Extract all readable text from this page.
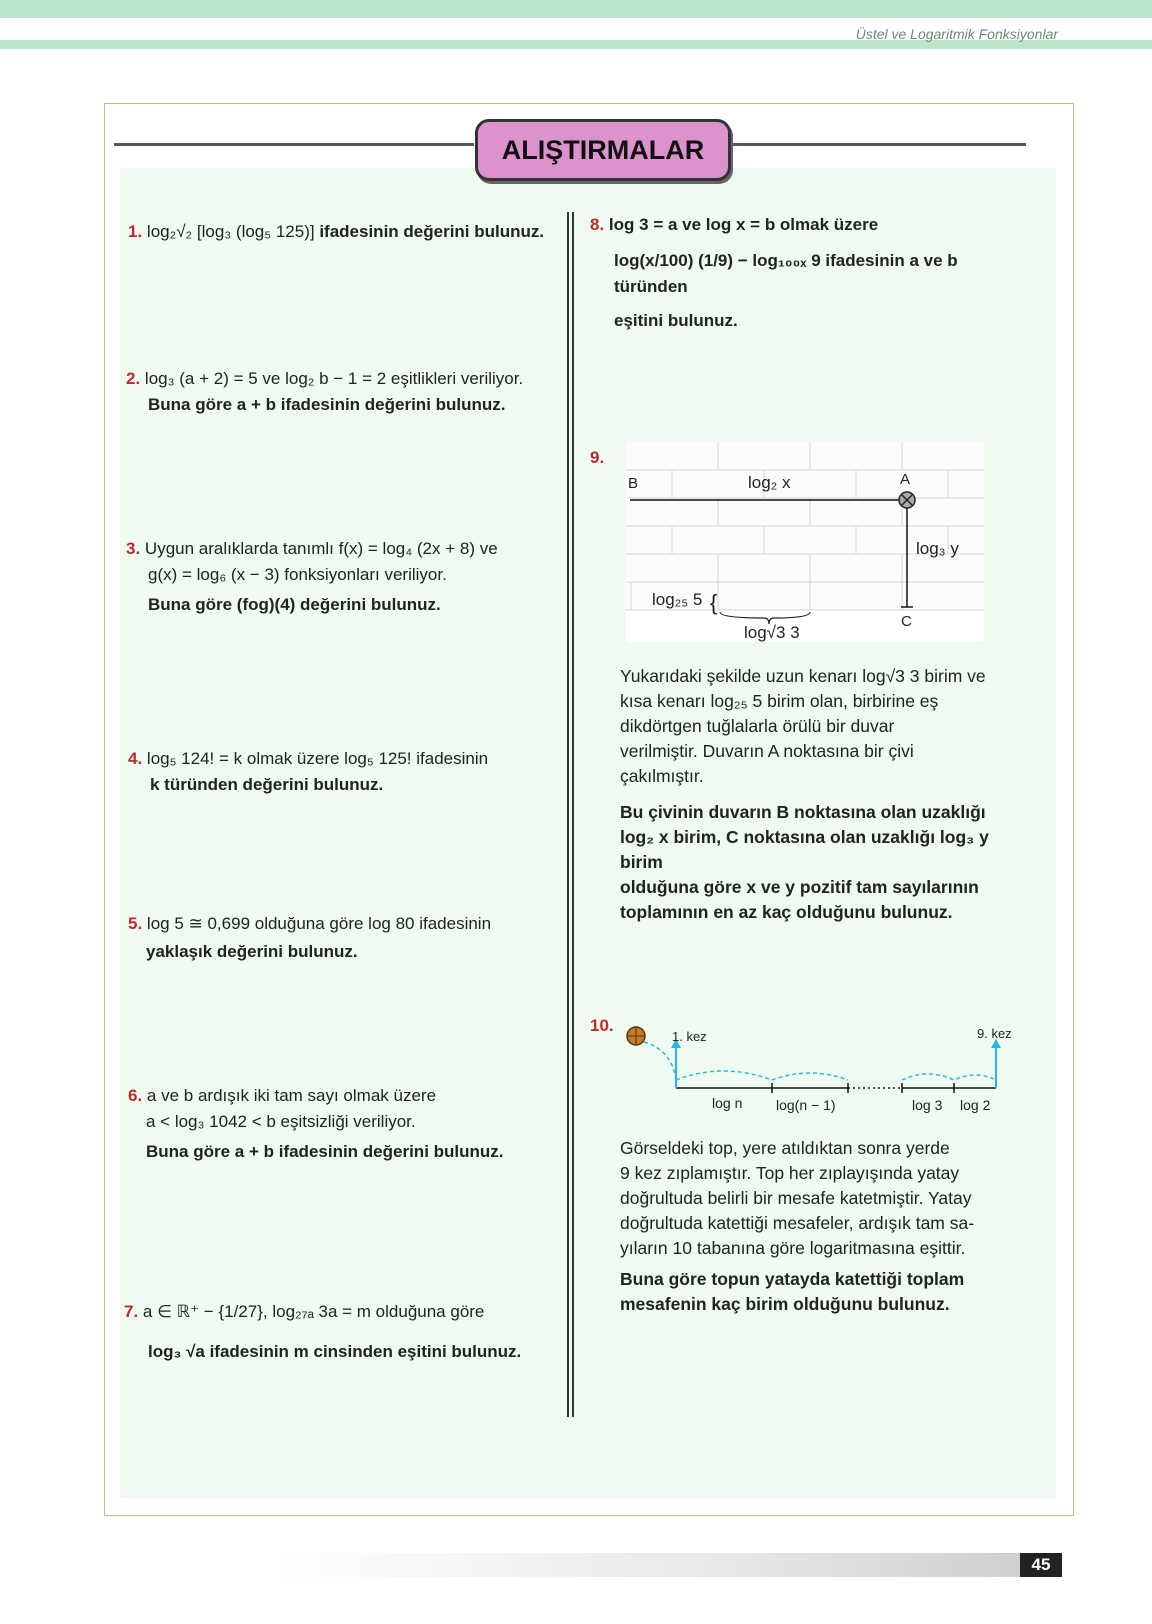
Üstel ve Logaritmik Fonksiyonlar
ALIŞTIRMALAR
1. log₂√₂ [log₃ (log₅ 125)] ifadesinin değerini bulunuz.
2. log₃ (a + 2) = 5 ve log₂ b − 1 = 2 eşitlikleri veriliyor.
Buna göre a + b ifadesinin değerini bulunuz.
3. Uygun aralıklarda tanımlı f(x) = log₄ (2x + 8) ve
g(x) = log₆ (x − 3) fonksiyonları veriliyor.
Buna göre (fog)(4) değerini bulunuz.
4. log₅ 124! = k olmak üzere log₅ 125! ifadesinin
k türünden değerini bulunuz.
5. log 5 ≅ 0,699 olduğuna göre log 80 ifadesinin
yaklaşık değerini bulunuz.
6. a ve b ardışık iki tam sayı olmak üzere
a < log₃ 1042 < b eşitsizliği veriliyor.
Buna göre a + b ifadesinin değerini bulunuz.
7. a ∈ ℝ⁺ − {1/27}, log₂₇ₐ 3a = m olduğuna göre
log₃ √a ifadesinin m cinsinden eşitini bulunuz.
8. log 3 = a ve log x = b olmak üzere
log(x/100) (1/9) − log₁₀₀ₓ 9 ifadesinin a ve b türünden
eşitini bulunuz.
9.
B	A
C
log₂ x
log₃ y
log₂₅ 5 {
log√3 3
Yukarıdaki şekilde uzun kenarı log√3 3 birim ve
kısa kenarı log₂₅ 5 birim olan, birbirine eş
dikdörtgen tuğlalarla örülü bir duvar
verilmiştir. Duvarın A noktasına bir çivi
çakılmıştır.
Bu çivinin duvarın B noktasına olan uzaklığı
log₂ x birim, C noktasına olan uzaklığı log₃ y birim
olduğuna göre x ve y pozitif tam sayılarının
toplamının en az kaç olduğunu bulunuz.
10.
1. kez	9. kez
log n log(n − 1)	log 3 log 2
Görseldeki top, yere atıldıktan sonra yerde
9 kez zıplamıştır. Top her zıplayışında yatay
doğrultuda belirli bir mesafe katetmiştir. Yatay
doğrultuda katettiği mesafeler, ardışık tam sa-
yıların 10 tabanına göre logaritmasına eşittir.
Buna göre topun yatayda katettiği toplam
mesafenin kaç birim olduğunu bulunuz.
45
